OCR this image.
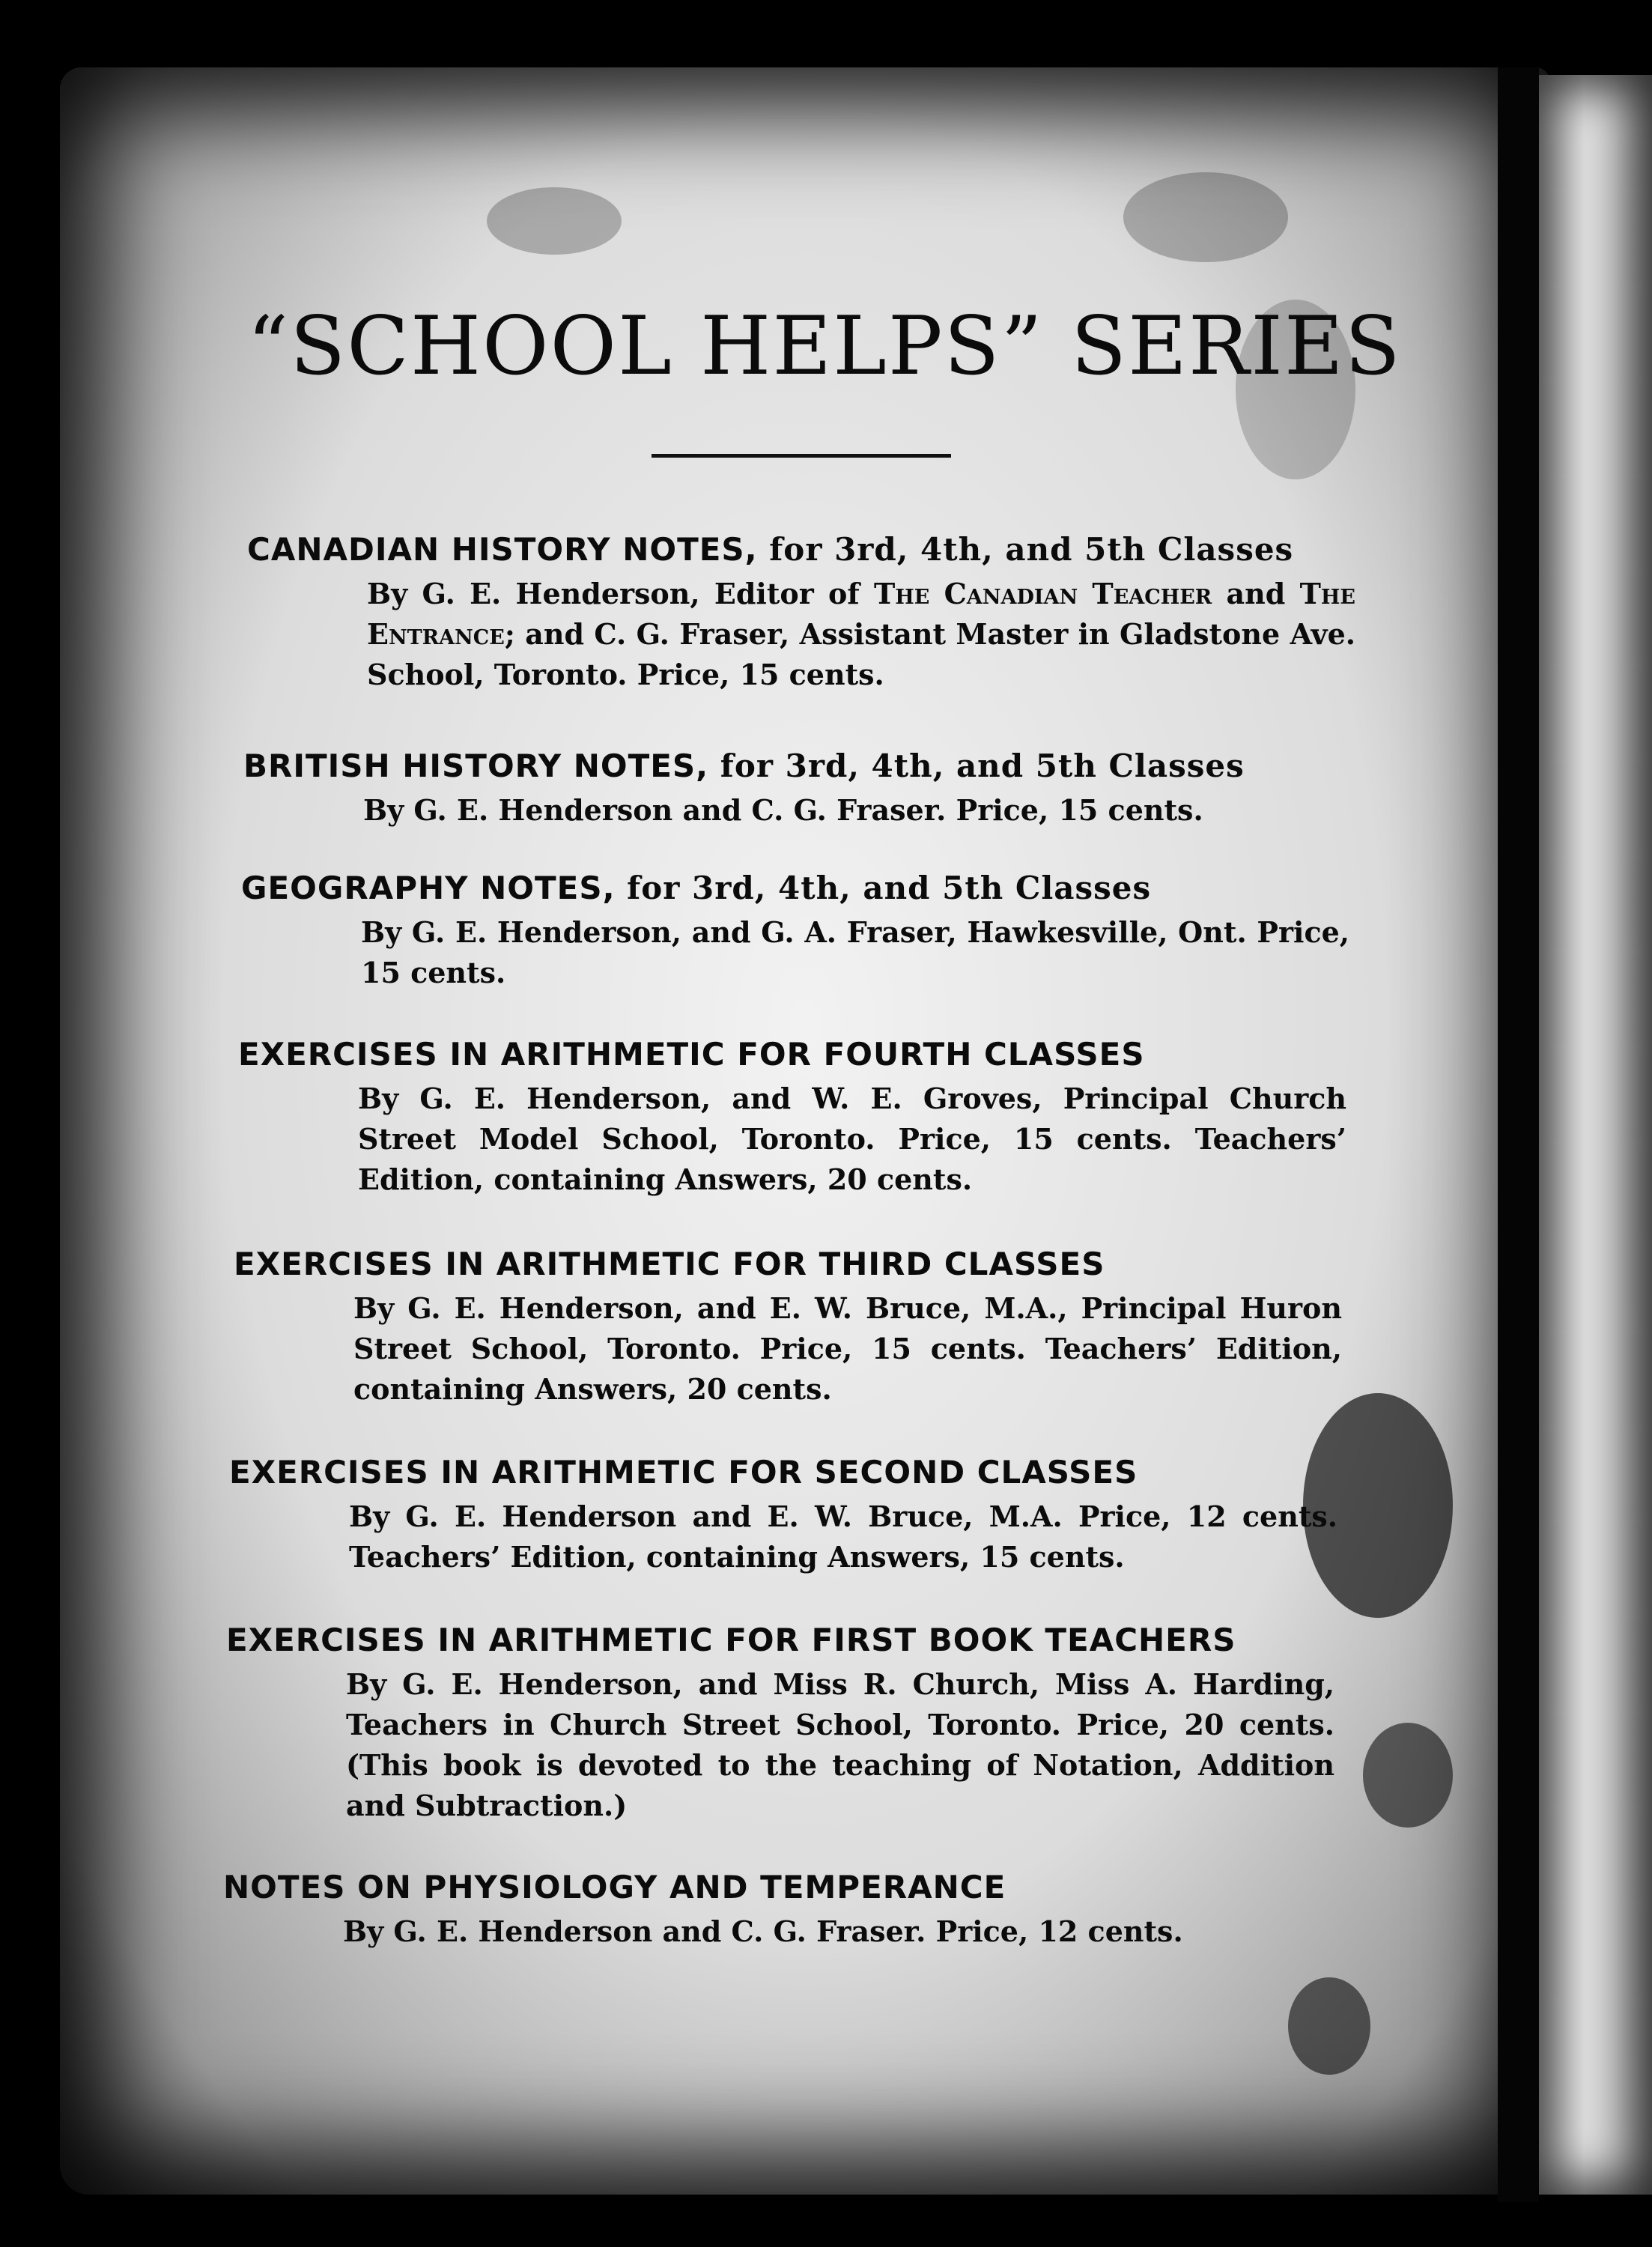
“SCHOOL HELPS” SERIES

CANADIAN HISTORY NOTES, for 3rd, 4th, and 5th Classes

By G. E. Henderson, Editor of The Canadian Teacher and The Entrance; and C. G. Fraser, Assistant Master in Gladstone Ave. School, Toronto. Price, 15 cents.

BRITISH HISTORY NOTES, for 3rd, 4th, and 5th Classes

By G. E. Henderson and C. G. Fraser. Price, 15 cents.

GEOGRAPHY NOTES, for 3rd, 4th, and 5th Classes

By G. E. Henderson, and G. A. Fraser, Hawkesville, Ont. Price, 15 cents.

EXERCISES IN ARITHMETIC FOR FOURTH CLASSES

By G. E. Henderson, and W. E. Groves, Principal Church Street Model School, Toronto. Price, 15 cents. Teachers’ Edition, containing Answers, 20 cents.

EXERCISES IN ARITHMETIC FOR THIRD CLASSES

By G. E. Henderson, and E. W. Bruce, M.A., Principal Huron Street School, Toronto. Price, 15 cents. Teachers’ Edition, containing Answers, 20 cents.

EXERCISES IN ARITHMETIC FOR SECOND CLASSES

By G. E. Henderson and E. W. Bruce, M.A. Price, 12 cents. Teachers’ Edition, containing Answers, 15 cents.

EXERCISES IN ARITHMETIC FOR FIRST BOOK TEACHERS

By G. E. Henderson, and Miss R. Church, Miss A. Harding, Teachers in Church Street School, Toronto. Price, 20 cents. (This book is devoted to the teaching of Notation, Addition and Subtraction.)

NOTES ON PHYSIOLOGY AND TEMPERANCE

By G. E. Henderson and C. G. Fraser. Price, 12 cents.
